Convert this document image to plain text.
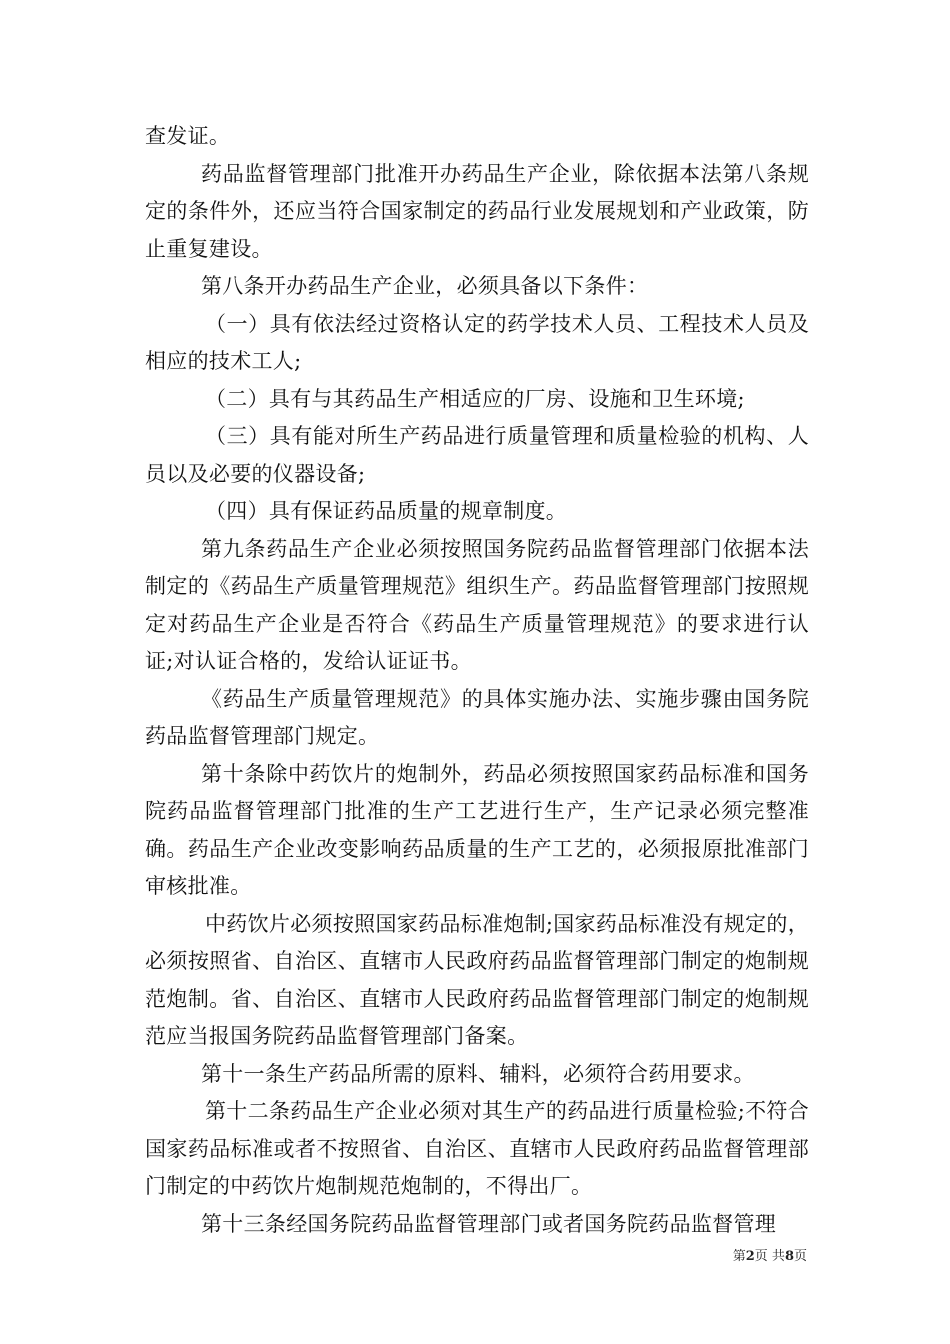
查发证。

药品监督管理部门批准开办药品生产企业，除依据本法第八条规定的条件外，还应当符合国家制定的药品行业发展规划和产业政策，防止重复建设。

第八条开办药品生产企业，必须具备以下条件：

（一）具有依法经过资格认定的药学技术人员、工程技术人员及相应的技术工人;

（二）具有与其药品生产相适应的厂房、设施和卫生环境;

（三）具有能对所生产药品进行质量管理和质量检验的机构、人员以及必要的仪器设备;

（四）具有保证药品质量的规章制度。

第九条药品生产企业必须按照国务院药品监督管理部门依据本法制定的《药品生产质量管理规范》组织生产。药品监督管理部门按照规定对药品生产企业是否符合《药品生产质量管理规范》的要求进行认证;对认证合格的，发给认证证书。

《药品生产质量管理规范》的具体实施办法、实施步骤由国务院药品监督管理部门规定。

第十条除中药饮片的炮制外，药品必须按照国家药品标准和国务院药品监督管理部门批准的生产工艺进行生产，生产记录必须完整准确。药品生产企业改变影响药品质量的生产工艺的，必须报原批准部门审核批准。

中药饮片必须按照国家药品标准炮制;国家药品标准没有规定的，必须按照省、自治区、直辖市人民政府药品监督管理部门制定的炮制规范炮制。省、自治区、直辖市人民政府药品监督管理部门制定的炮制规范应当报国务院药品监督管理部门备案。

第十一条生产药品所需的原料、辅料，必须符合药用要求。

第十二条药品生产企业必须对其生产的药品进行质量检验;不符合国家药品标准或者不按照省、自治区、直辖市人民政府药品监督管理部门制定的中药饮片炮制规范炮制的，不得出厂。

第十三条经国务院药品监督管理部门或者国务院药品监督管理

第2页 共8页
